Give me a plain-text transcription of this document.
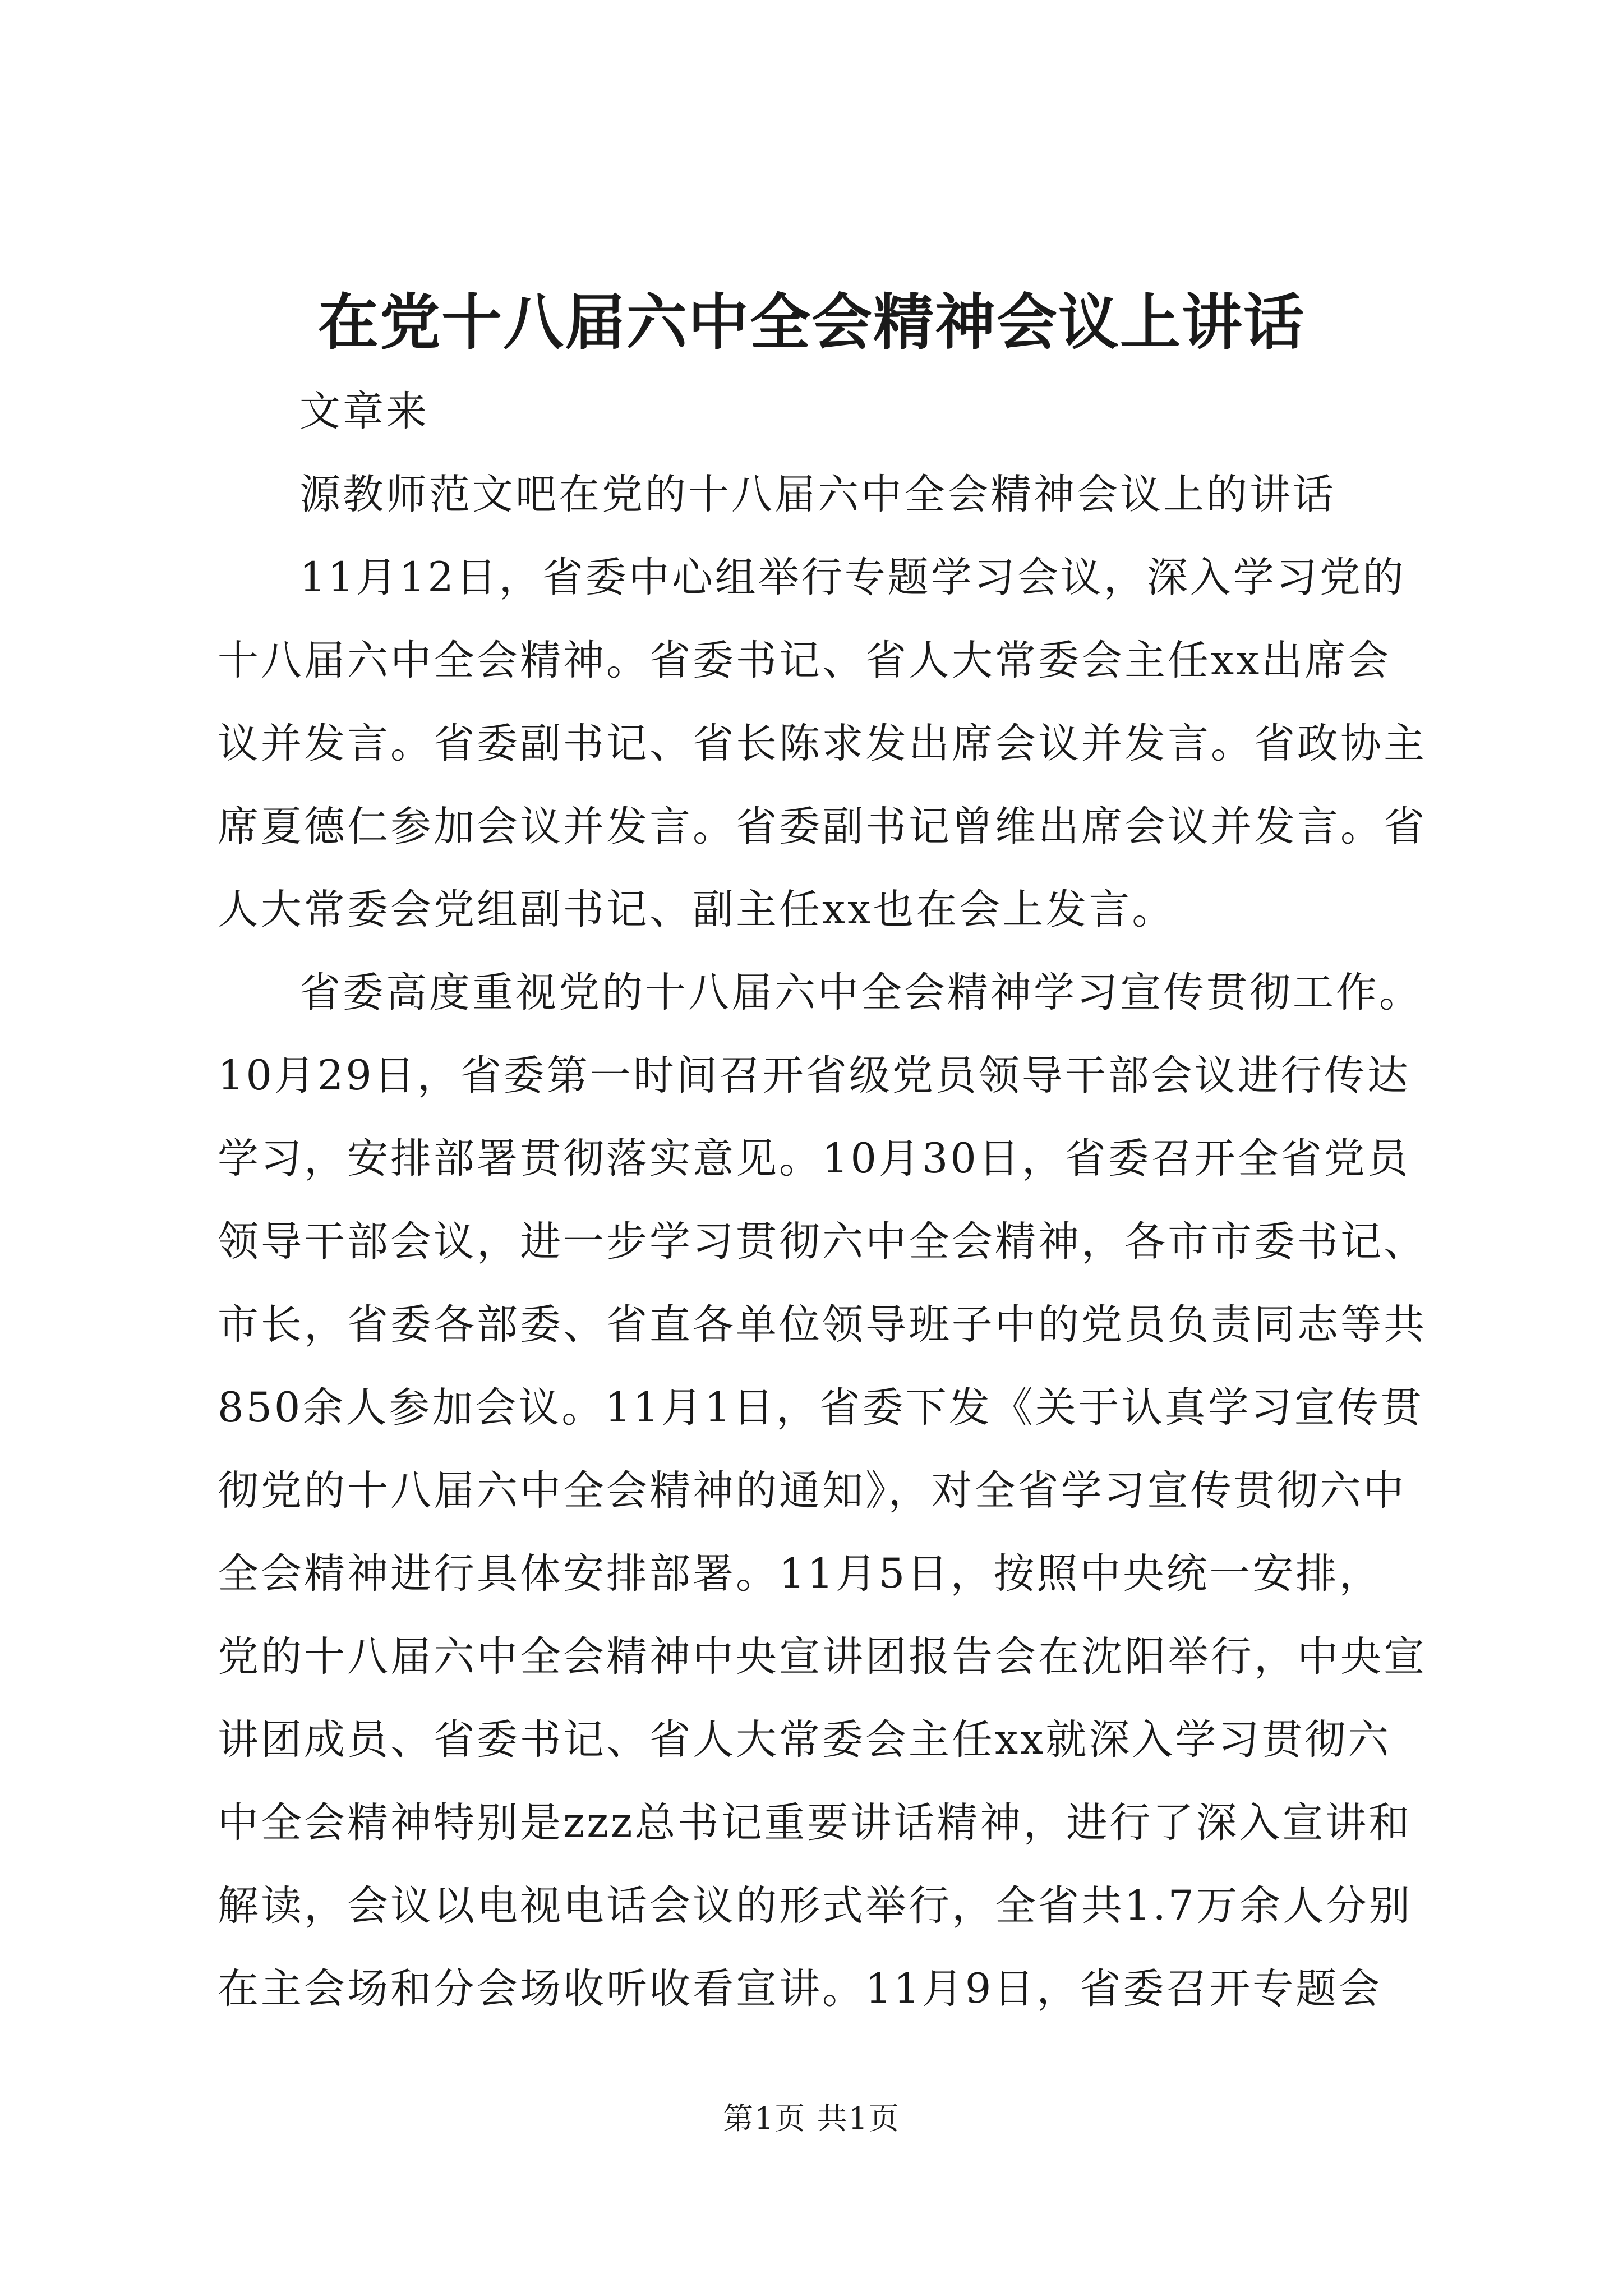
在党十八届六中全会精神会议上讲话
文章来
源教师范文吧在党的十八届六中全会精神会议上的讲话
11月12日，省委中心组举行专题学习会议，深入学习党的
十八届六中全会精神。省委书记、省人大常委会主任xx出席会
议并发言。省委副书记、省长陈求发出席会议并发言。省政协主
席夏德仁参加会议并发言。省委副书记曾维出席会议并发言。省
人大常委会党组副书记、副主任xx也在会上发言。
省委高度重视党的十八届六中全会精神学习宣传贯彻工作。
10月29日，省委第一时间召开省级党员领导干部会议进行传达
学习，安排部署贯彻落实意见。10月30日，省委召开全省党员
领导干部会议，进一步学习贯彻六中全会精神，各市市委书记、
市长，省委各部委、省直各单位领导班子中的党员负责同志等共
850余人参加会议。11月1日，省委下发《关于认真学习宣传贯
彻党的十八届六中全会精神的通知》，对全省学习宣传贯彻六中
全会精神进行具体安排部署。11月5日，按照中央统一安排，
党的十八届六中全会精神中央宣讲团报告会在沈阳举行，中央宣
讲团成员、省委书记、省人大常委会主任xx就深入学习贯彻六
中全会精神特别是zzz总书记重要讲话精神，进行了深入宣讲和
解读，会议以电视电话会议的形式举行，全省共1.7万余人分别
在主会场和分会场收听收看宣讲。11月9日，省委召开专题会
第1页 共1页
